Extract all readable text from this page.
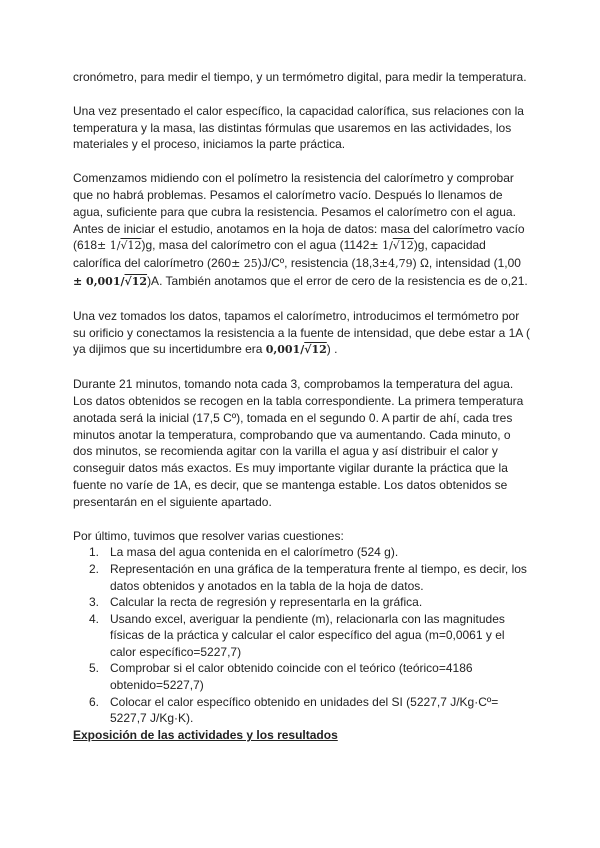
cronómetro, para medir el tiempo, y un termómetro digital, para medir la temperatura.

Una vez presentado el calor específico, la capacidad calorífica, sus relaciones con la temperatura y la masa, las distintas fórmulas que usaremos en las actividades, los materiales y el proceso, iniciamos la parte práctica.

Comenzamos midiendo con el polímetro la resistencia del calorímetro y comprobar que no habrá problemas. Pesamos el calorímetro vacío. Después lo llenamos de agua, suficiente para que cubra la resistencia. Pesamos el calorímetro con el agua. Antes de iniciar el estudio, anotamos en la hoja de datos: masa del calorímetro vacío (618± 1/√12)g, masa del calorímetro con el agua (1142± 1/√12)g, capacidad calorífica del calorímetro (260± 25)J/Cº, resistencia (18,3±4,79) Ω, intensidad (1,00
± 0,001/√12)A. También anotamos que el error de cero de la resistencia es de o,21.

Una vez tomados los datos, tapamos el calorímetro, introducimos el termómetro por su orificio y conectamos la resistencia a la fuente de intensidad, que debe estar a 1A ( ya dijimos que su incertidumbre era 0,001/√12) .

Durante 21 minutos, tomando nota cada 3, comprobamos la temperatura del agua. Los datos obtenidos se recogen en la tabla correspondiente. La primera temperatura anotada será la inicial (17,5 Cº), tomada en el segundo 0. A partir de ahí, cada tres minutos anotar la temperatura, comprobando que va aumentando. Cada minuto, o dos minutos, se recomienda agitar con la varilla el agua y así distribuir el calor y conseguir datos más exactos. Es muy importante vigilar durante la práctica que la fuente no varíe de 1A, es decir, que se mantenga estable. Los datos obtenidos se presentarán en el siguiente apartado.

Por último, tuvimos que resolver varias cuestiones:

1. La masa del agua contenida en el calorímetro (524 g).
2. Representación en una gráfica de la temperatura frente al tiempo, es decir, los datos obtenidos y anotados en la tabla de la hoja de datos.
3. Calcular la recta de regresión y representarla en la gráfica.
4. Usando excel, averiguar la pendiente (m), relacionarla con las magnitudes físicas de la práctica y calcular el calor específico del agua (m=0,0061 y el calor específico=5227,7)
5. Comprobar si el calor obtenido coincide con el teórico (teórico=4186 obtenido=5227,7)
6. Colocar el calor específico obtenido en unidades del SI (5227,7 J/Kg·Cº= 5227,7 J/Kg·K).

Exposición de las actividades y los resultados
